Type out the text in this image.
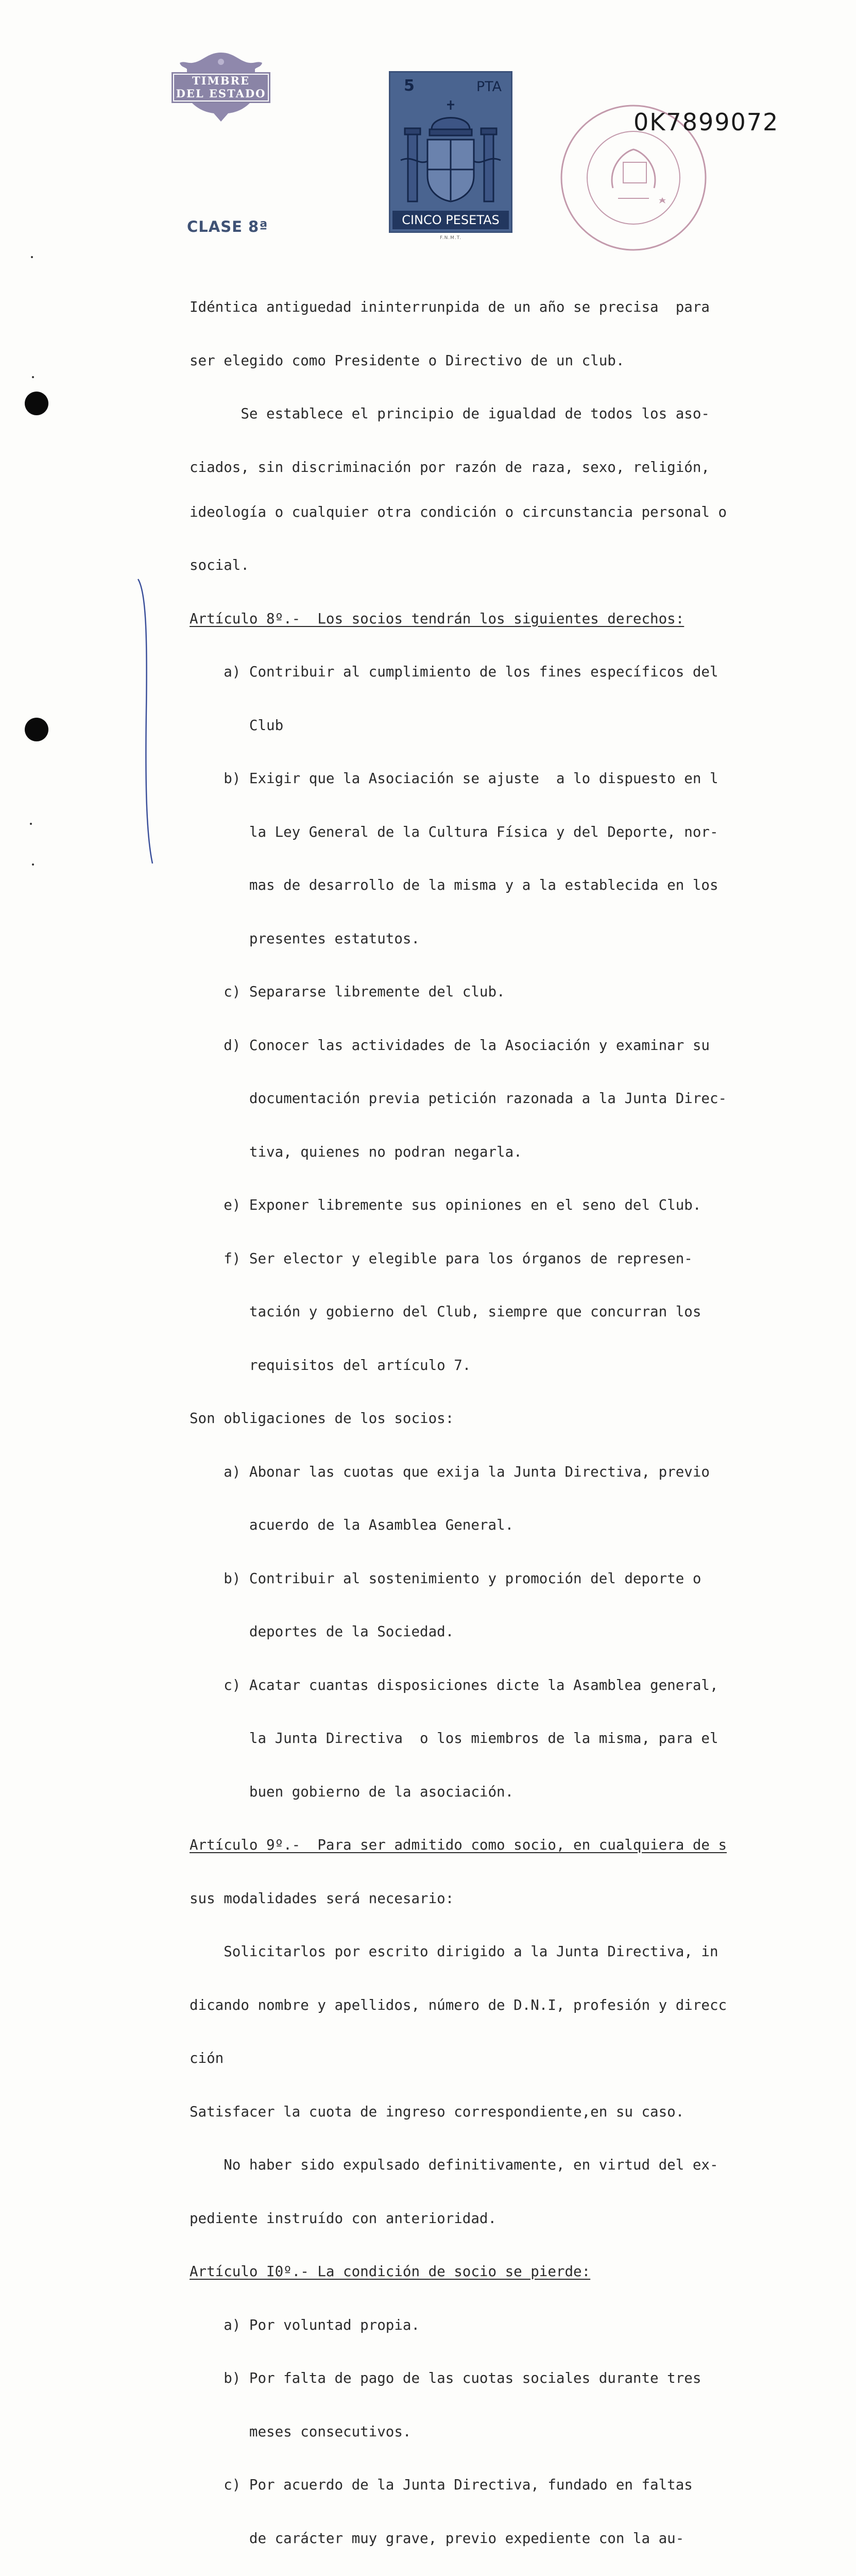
TIMBRE
DEL ESTADO
CLASE 8ª
5	PTA
CINCO PESETAS
F.N.M.T.
0K7899072

Idéntica antiguedad ininterrunpida de un año se precisa  para

ser elegido como Presidente o Directivo de un club.

Se establece el principio de igualdad de todos los aso-

ciados, sin discriminación por razón de raza, sexo, religión,

ideología o cualquier otra condición o circunstancia personal o

social.

Artículo 8º.-  Los socios tendrán los siguientes derechos:

a) Contribuir al cumplimiento de los fines específicos del

Club

b) Exigir que la Asociación se ajuste  a lo dispuesto en l

la Ley General de la Cultura Física y del Deporte, nor-

mas de desarrollo de la misma y a la establecida en los

presentes estatutos.

c) Separarse libremente del club.

d) Conocer las actividades de la Asociación y examinar su

documentación previa petición razonada a la Junta Direc-

tiva, quienes no podran negarla.

e) Exponer libremente sus opiniones en el seno del Club.

f) Ser elector y elegible para los órganos de represen-

tación y gobierno del Club, siempre que concurran los

requisitos del artículo 7.

Son obligaciones de los socios:

a) Abonar las cuotas que exija la Junta Directiva, previo

acuerdo de la Asamblea General.

b) Contribuir al sostenimiento y promoción del deporte o

deportes de la Sociedad.

c) Acatar cuantas disposiciones dicte la Asamblea general,

la Junta Directiva  o los miembros de la misma, para el

buen gobierno de la asociación.

Artículo 9º.-  Para ser admitido como socio, en cualquiera de s

sus modalidades será necesario:

Solicitarlos por escrito dirigido a la Junta Directiva, in

dicando nombre y apellidos, número de D.N.I, profesión y direcc

ción

Satisfacer la cuota de ingreso correspondiente,en su caso.

No haber sido expulsado definitivamente, en virtud del ex-

pediente instruído con anterioridad.

Artículo I0º.- La condición de socio se pierde:

a) Por voluntad propia.

b) Por falta de pago de las cuotas sociales durante tres

meses consecutivos.

c) Por acuerdo de la Junta Directiva, fundado en faltas

de carácter muy grave, previo expediente con la au-
